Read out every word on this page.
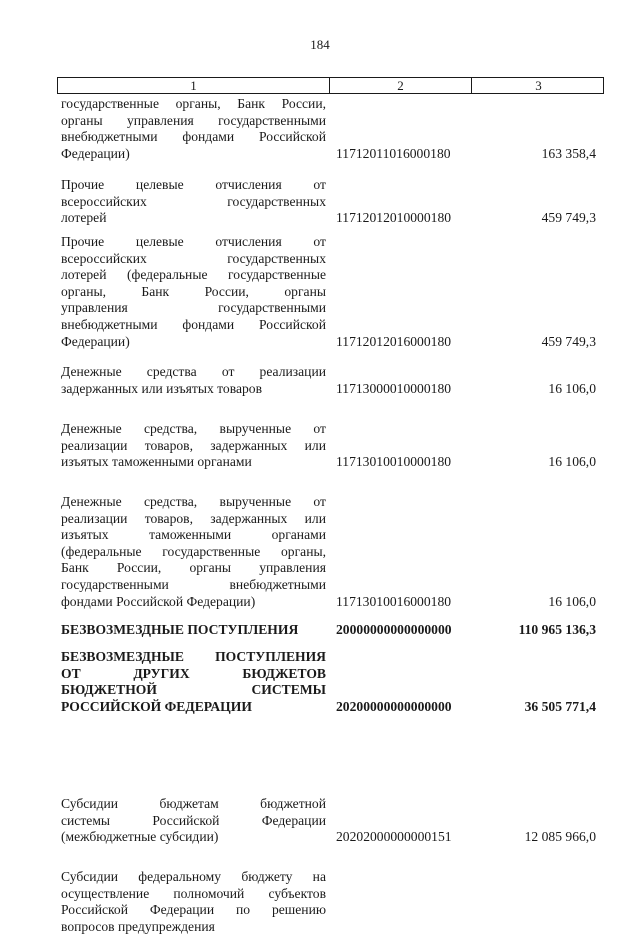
184
1	2	3
государственные органы, Банк России,
органы управления государственными
внебюджетными фондами Российской
Федерации)	11712011016000180	163 358,4
Прочие целевые отчисления от
всероссийских государственных
лотерей	11712012010000180	459 749,3
Прочие целевые отчисления от
всероссийских государственных
лотерей (федеральные государственные
органы, Банк России, органы
управления государственными
внебюджетными фондами Российской
Федерации)	11712012016000180	459 749,3
Денежные средства от реализации
задержанных или изъятых товаров	11713000010000180	16 106,0
Денежные средства, вырученные от
реализации товаров, задержанных или
изъятых таможенными органами	11713010010000180	16 106,0
Денежные средства, вырученные от
реализации товаров, задержанных или
изъятых таможенными органами
(федеральные государственные органы,
Банк России, органы управления
государственными внебюджетными
фондами Российской Федерации)	11713010016000180	16 106,0
БЕЗВОЗМЕЗДНЫЕ ПОСТУПЛЕНИЯ	20000000000000000	110 965 136,3
БЕЗВОЗМЕЗДНЫЕ ПОСТУПЛЕНИЯ
ОТ ДРУГИХ БЮДЖЕТОВ
БЮДЖЕТНОЙ СИСТЕМЫ
РОССИЙСКОЙ ФЕДЕРАЦИИ	20200000000000000	36 505 771,4
Субсидии бюджетам бюджетной
системы Российской Федерации
(межбюджетные субсидии)	20202000000000151	12 085 966,0
Субсидии федеральному бюджету на
осуществление полномочий субъектов
Российской Федерации по решению
вопросов предупреждения
